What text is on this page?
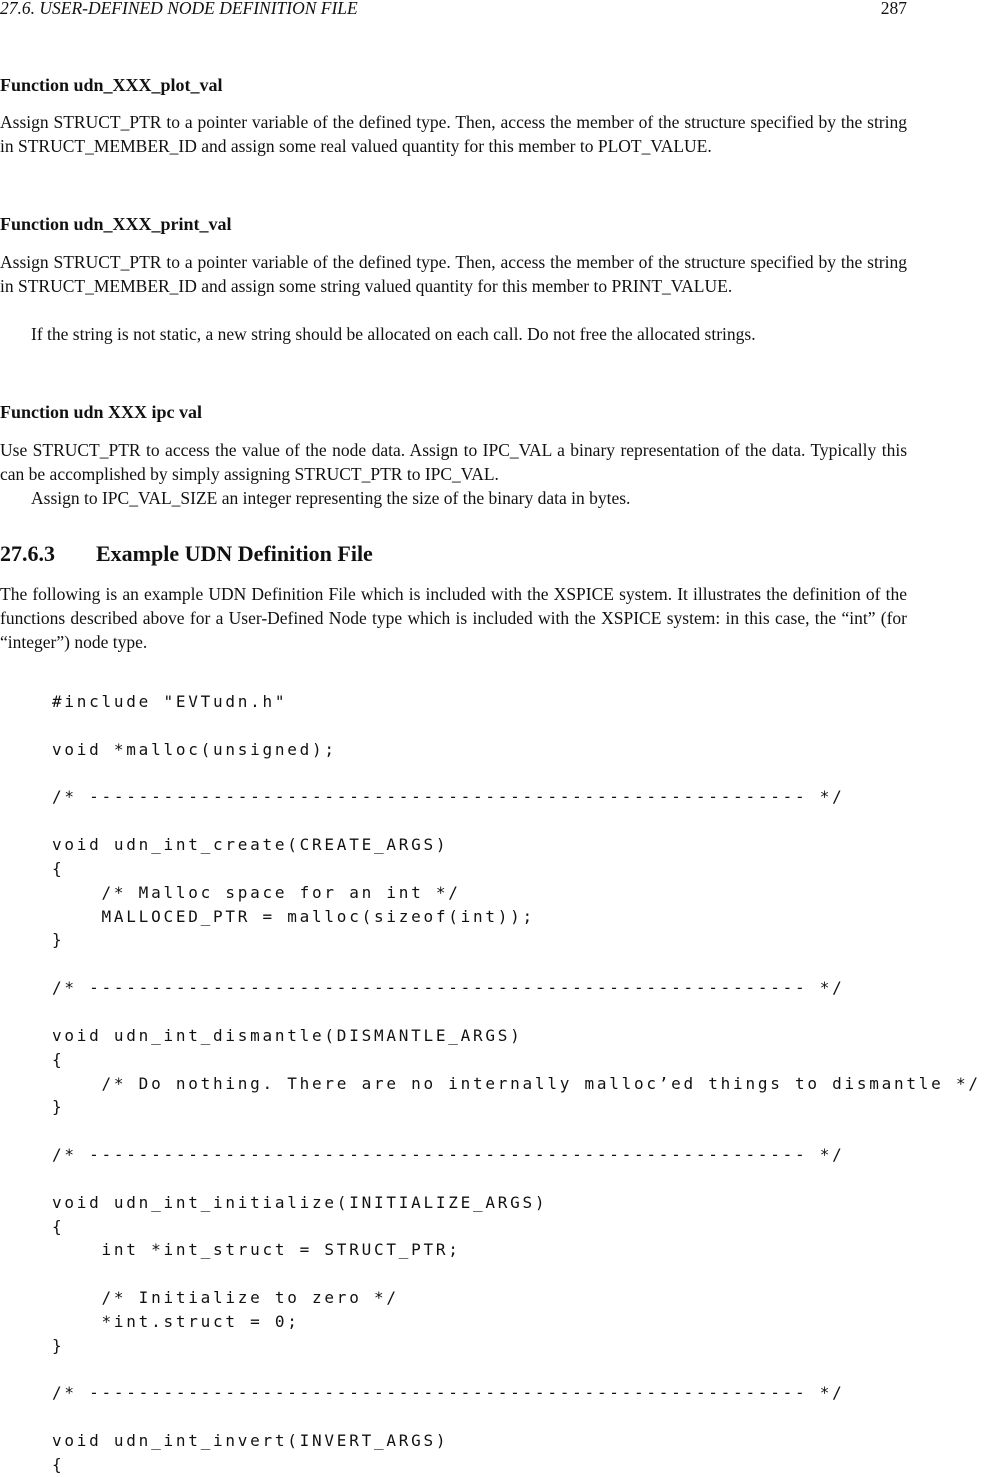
27.6. USER-DEFINED NODE DEFINITION FILE	287
Function udn_XXX_plot_val
Assign STRUCT_PTR to a pointer variable of the defined type. Then, access the member of the structure specified by the string in STRUCT_MEMBER_ID and assign some real valued quantity for this member to PLOT_VALUE.
Function udn_XXX_print_val
Assign STRUCT_PTR to a pointer variable of the defined type. Then, access the member of the structure specified by the string in STRUCT_MEMBER_ID and assign some string valued quantity for this member to PRINT_VALUE.
If the string is not static, a new string should be allocated on each call. Do not free the allocated strings.
Function udn XXX ipc val
Use STRUCT_PTR to access the value of the node data. Assign to IPC_VAL a binary representation of the data. Typically this can be accomplished by simply assigning STRUCT_PTR to IPC_VAL.
Assign to IPC_VAL_SIZE an integer representing the size of the binary data in bytes.
27.6.3 Example UDN Definition File
The following is an example UDN Definition File which is included with the XSPICE system. It illustrates the definition of the functions described above for a User-Defined Node type which is included with the XSPICE system: in this case, the “int” (for “integer”) node type.
#include "EVTudn.h"

void *malloc(unsigned);

/* ---------------------------------------------------------- */

void udn_int_create(CREATE_ARGS)
{
/* Malloc space for an int */
MALLOCED_PTR = malloc(sizeof(int));
}

/* ---------------------------------------------------------- */

void udn_int_dismantle(DISMANTLE_ARGS)
{
/* Do nothing. There are no internally malloc’ed things to dismantle */
}

/* ---------------------------------------------------------- */

void udn_int_initialize(INITIALIZE_ARGS)
{
int *int_struct = STRUCT_PTR;

/* Initialize to zero */
*int.struct = 0;
}

/* ---------------------------------------------------------- */

void udn_int_invert(INVERT_ARGS)
{
